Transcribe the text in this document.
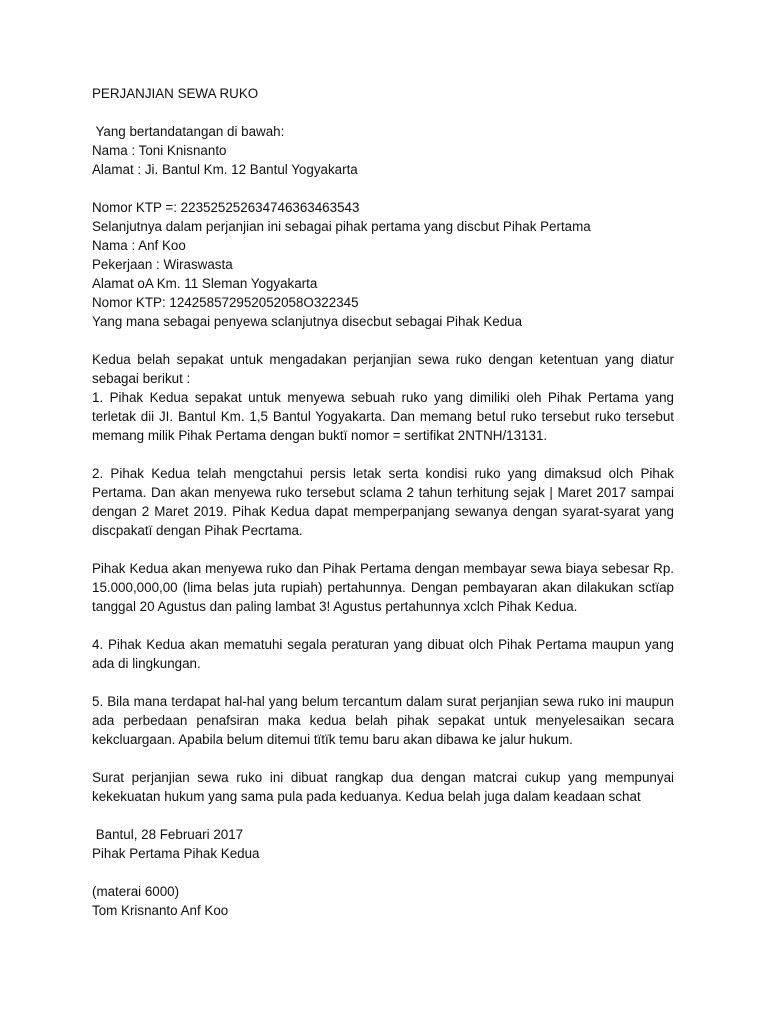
PERJANJIAN SEWA RUKO
Yang bertandatangan di bawah:
Nama : Toni Knisnanto
Alamat : Ji. Bantul Km. 12 Bantul Yogyakarta
Nomor KTP =: 223525252634746363463543
Selanjutnya dalam perjanjian ini sebagai pihak pertama yang discbut Pihak Pertama
Nama : Anf Koo
Pekerjaan : Wiraswasta
Alamat oA Km. 11 Sleman Yogyakarta
Nomor KTP: 124258572952052058O322345
Yang mana sebagai penyewa sclanjutnya disecbut sebagai Pihak Kedua

Kedua belah sepakat untuk mengadakan perjanjian sewa ruko dengan ketentuan yang diatur sebagai berikut :

1. Pihak Kedua sepakat untuk menyewa sebuah ruko yang dimiliki oleh Pihak Pertama yang terletak dii JI. Bantul Km. 1,5 Bantul Yogyakarta. Dan memang betul ruko tersebut ruko tersebut memang milik Pihak Pertama dengan buktï nomor = sertifikat 2NTNH/13131.

2. Pihak Kedua telah mengctahui persis letak serta kondisi ruko yang dimaksud olch Pihak Pertama. Dan akan menyewa ruko tersebut sclama 2 tahun terhitung sejak | Maret 2017 sampai dengan 2 Maret 2019. Pihak Kedua dapat memperpanjang sewanya dengan syarat-syarat yang discpakatï dengan Pihak Pecrtama.

Pihak Kedua akan menyewa ruko dan Pihak Pertama dengan membayar sewa biaya sebesar Rp. 15.000,000,00 (lima belas juta rupiah) pertahunnya. Dengan pembayaran akan dilakukan sctïap tanggal 20 Agustus dan paling lambat 3! Agustus pertahunnya xclch Pihak Kedua.

4. Pihak Kedua akan mematuhi segala peraturan yang dibuat olch Pihak Pertama maupun yang ada di lingkungan.

5. Bila mana terdapat hal-hal yang belum tercantum dalam surat perjanjian sewa ruko ini maupun ada perbedaan penafsiran maka kedua belah pihak sepakat untuk menyelesaikan secara kekcluargaan. Apabila belum ditemui tïtïk temu baru akan dibawa ke jalur hukum.

Surat perjanjian sewa ruko ini dibuat rangkap dua dengan matcrai cukup yang mempunyai kekekuatan hukum yang sama pula pada keduanya. Kedua belah juga dalam keadaan schat

Bantul, 28 Februari 2017
Pihak Pertama Pihak Kedua
(materai 6000)
Tom Krisnanto Anf Koo
